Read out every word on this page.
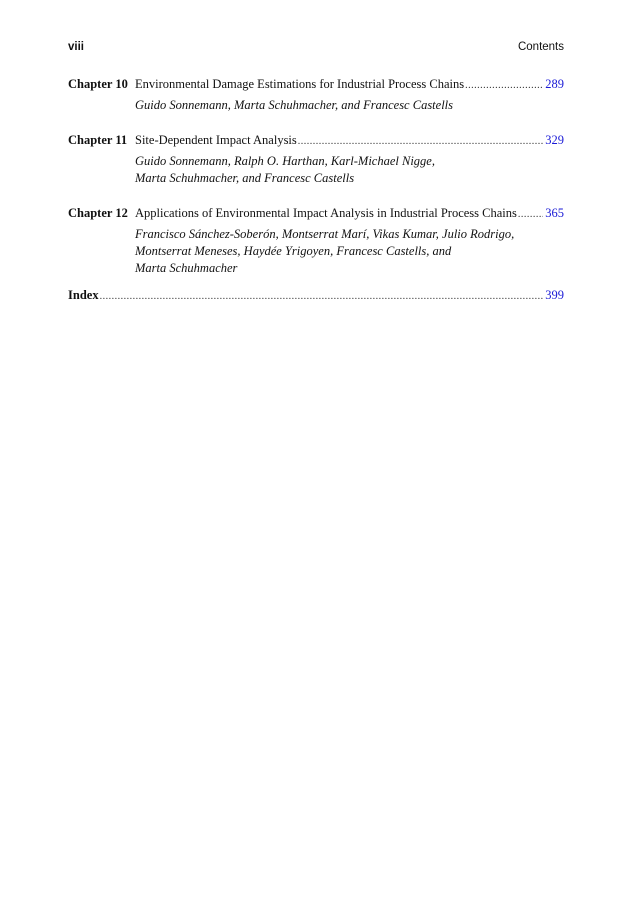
viii	Contents
Chapter 10 Environmental Damage Estimations for Industrial Process Chains .....	289
Guido Sonnemann, Marta Schuhmacher, and Francesc Castells
Chapter 11 Site-Dependent Impact Analysis .....	329
Guido Sonnemann, Ralph O. Harthan, Karl-Michael Nigge,
Marta Schuhmacher, and Francesc Castells
Chapter 12 Applications of Environmental Impact Analysis in Industrial Process Chains ..... 365
Francisco Sánchez-Soberón, Montserrat Marí, Vikas Kumar, Julio Rodrigo,
Montserrat Meneses, Haydée Yrigoyen, Francesc Castells, and
Marta Schuhmacher
Index .....	399
